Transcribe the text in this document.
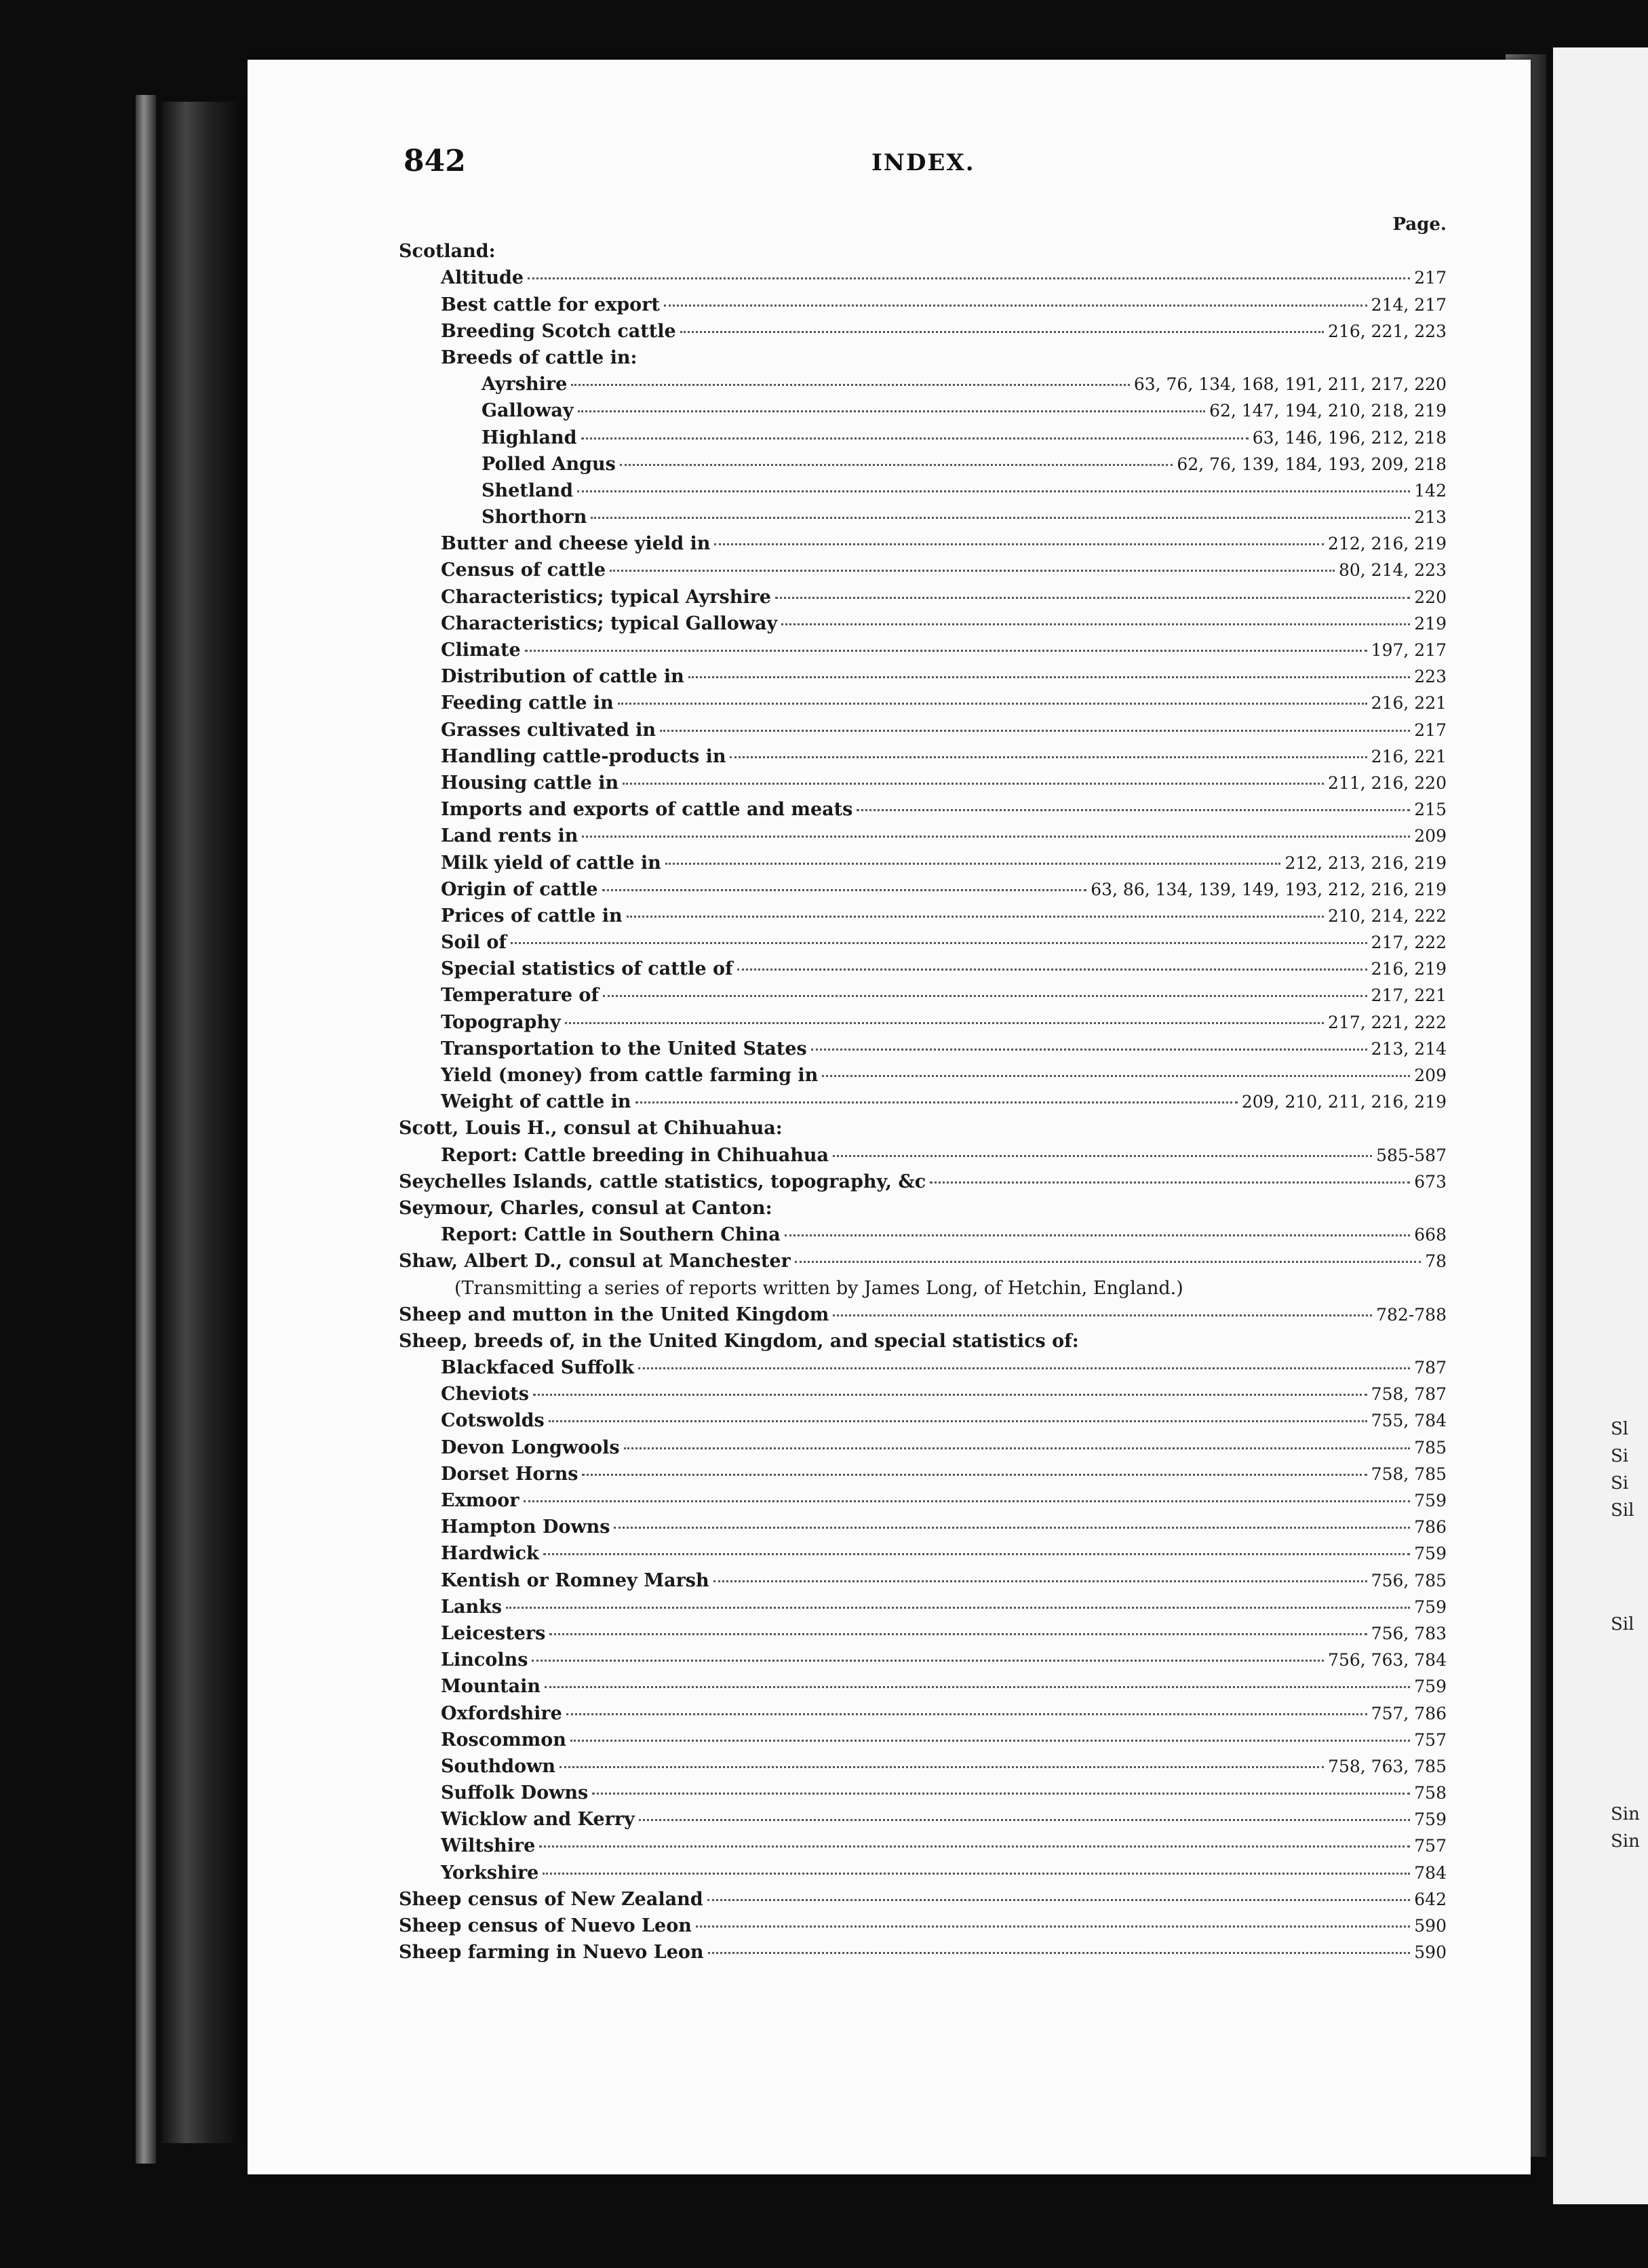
842	INDEX.
Page.
Scotland:
Altitude	217
Best cattle for export	214, 217
Breeding Scotch cattle	216, 221, 223
Breeds of cattle in:
Ayrshire	63, 76, 134, 168, 191, 211, 217, 220
Galloway	62, 147, 194, 210, 218, 219
Highland	63, 146, 196, 212, 218
Polled Angus	62, 76, 139, 184, 193, 209, 218
Shetland	142
Shorthorn	213
Butter and cheese yield in	212, 216, 219
Census of cattle	80, 214, 223
Characteristics; typical Ayrshire	220
Characteristics; typical Galloway	219
Climate	197, 217
Distribution of cattle in	223
Feeding cattle in	216, 221
Grasses cultivated in	217
Handling cattle-products in	216, 221
Housing cattle in	211, 216, 220
Imports and exports of cattle and meats	215
Land rents in	209
Milk yield of cattle in	212, 213, 216, 219
Origin of cattle	63, 86, 134, 139, 149, 193, 212, 216, 219
Prices of cattle in	210, 214, 222
Soil of	217, 222
Special statistics of cattle of	216, 219
Temperature of	217, 221
Topography	217, 221, 222
Transportation to the United States	213, 214
Yield (money) from cattle farming in	209
Weight of cattle in	209, 210, 211, 216, 219
Scott, Louis H., consul at Chihuahua:
Report: Cattle breeding in Chihuahua	585-587
Seychelles Islands, cattle statistics, topography, &c	673
Seymour, Charles, consul at Canton:
Report: Cattle in Southern China	668
Shaw, Albert D., consul at Manchester	78
(Transmitting a series of reports written by James Long, of Hetchin, England.)
Sheep and mutton in the United Kingdom	782-788
Sheep, breeds of, in the United Kingdom, and special statistics of:
Blackfaced Suffolk	787
Cheviots	758, 787
Cotswolds	755, 784
Devon Longwools	785
Dorset Horns	758, 785
Exmoor	759
Hampton Downs	786
Hardwick	759
Kentish or Romney Marsh	756, 785
Lanks	759
Leicesters	756, 783
Lincolns	756, 763, 784
Mountain	759
Oxfordshire	757, 786
Roscommon	757
Southdown	758, 763, 785
Suffolk Downs	758
Wicklow and Kerry	759
Wiltshire	757
Yorkshire	784
Sheep census of New Zealand	642
Sheep census of Nuevo Leon	590
Sheep farming in Nuevo Leon	590
Sl
Si
Si
Sil
Sil
Sin
Sin
